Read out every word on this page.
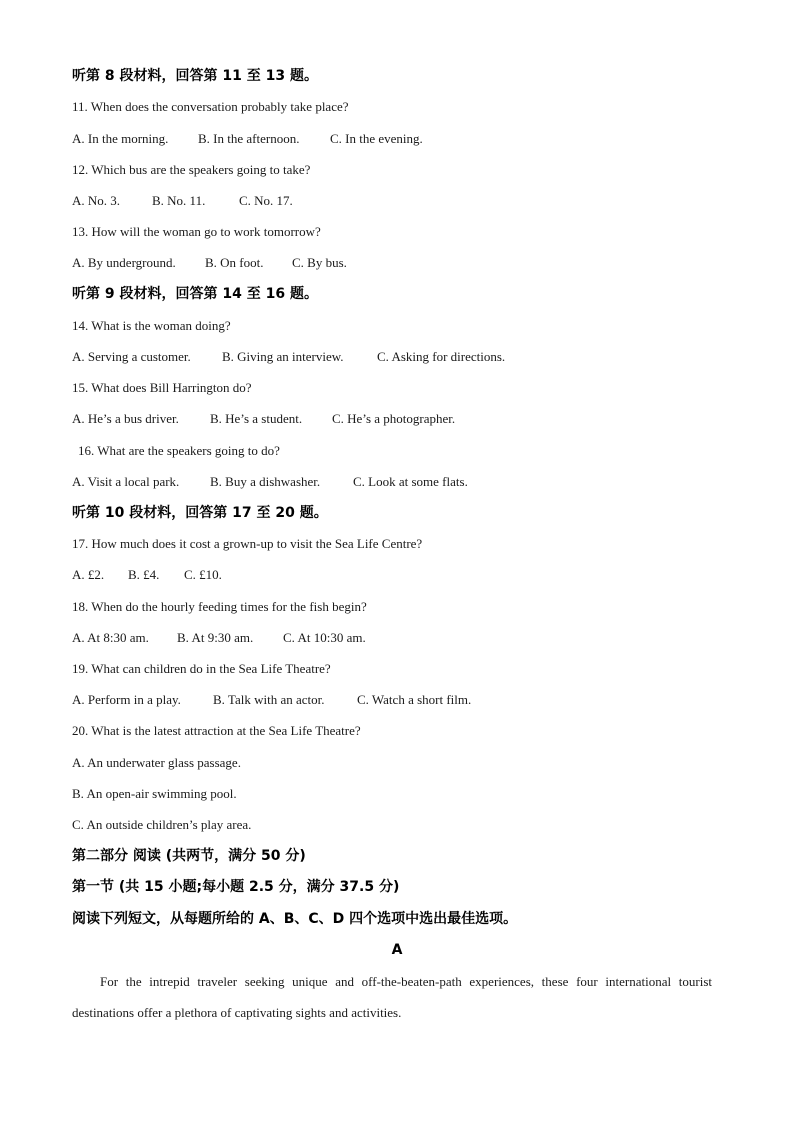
听第 8 段材料，回答第 11 至 13 题。
11. When does the conversation probably take place?
A. In the morning. B. In the afternoon. C. In the evening.
12. Which bus are the speakers going to take?
A. No. 3. B. No. 11.	C. No. 17.
13. How will the woman go to work tomorrow?
A. By underground. B. On foot. C. By bus.
听第 9 段材料，回答第 14 至 16 题。
14. What is the woman doing?
A. Serving a customer. B. Giving an interview.	C. Asking for directions.
15. What does Bill Harrington do?
A. He’s a bus driver. B. He’s a student. C. He’s a photographer.
16. What are the speakers going to do?
A. Visit a local park. B. Buy a dishwasher.	C. Look at some flats.
听第 10 段材料，回答第 17 至 20 题。
17. How much does it cost a grown-up to visit the Sea Life Centre?
A. £2. B. £4. C. £10.
18. When do the hourly feeding times for the fish begin?
A. At 8:30 am. B. At 9:30 am. C. At 10:30 am.
19. What can children do in the Sea Life Theatre?
A. Perform in a play. B. Talk with an actor.	C. Watch a short film.
20. What is the latest attraction at the Sea Life Theatre?
A. An underwater glass passage.
B. An open-air swimming pool.
C. An outside children’s play area.
第二部分 阅读 (共两节，满分 50 分)
第一节 (共 15 小题;每小题 2.5 分，满分 37.5 分)
阅读下列短文，从每题所给的 A、B、C、D 四个选项中选出最佳选项。
A
For the intrepid traveler seeking unique and off-the-beaten-path experiences, these four international tourist destinations offer a plethora of captivating sights and activities.
